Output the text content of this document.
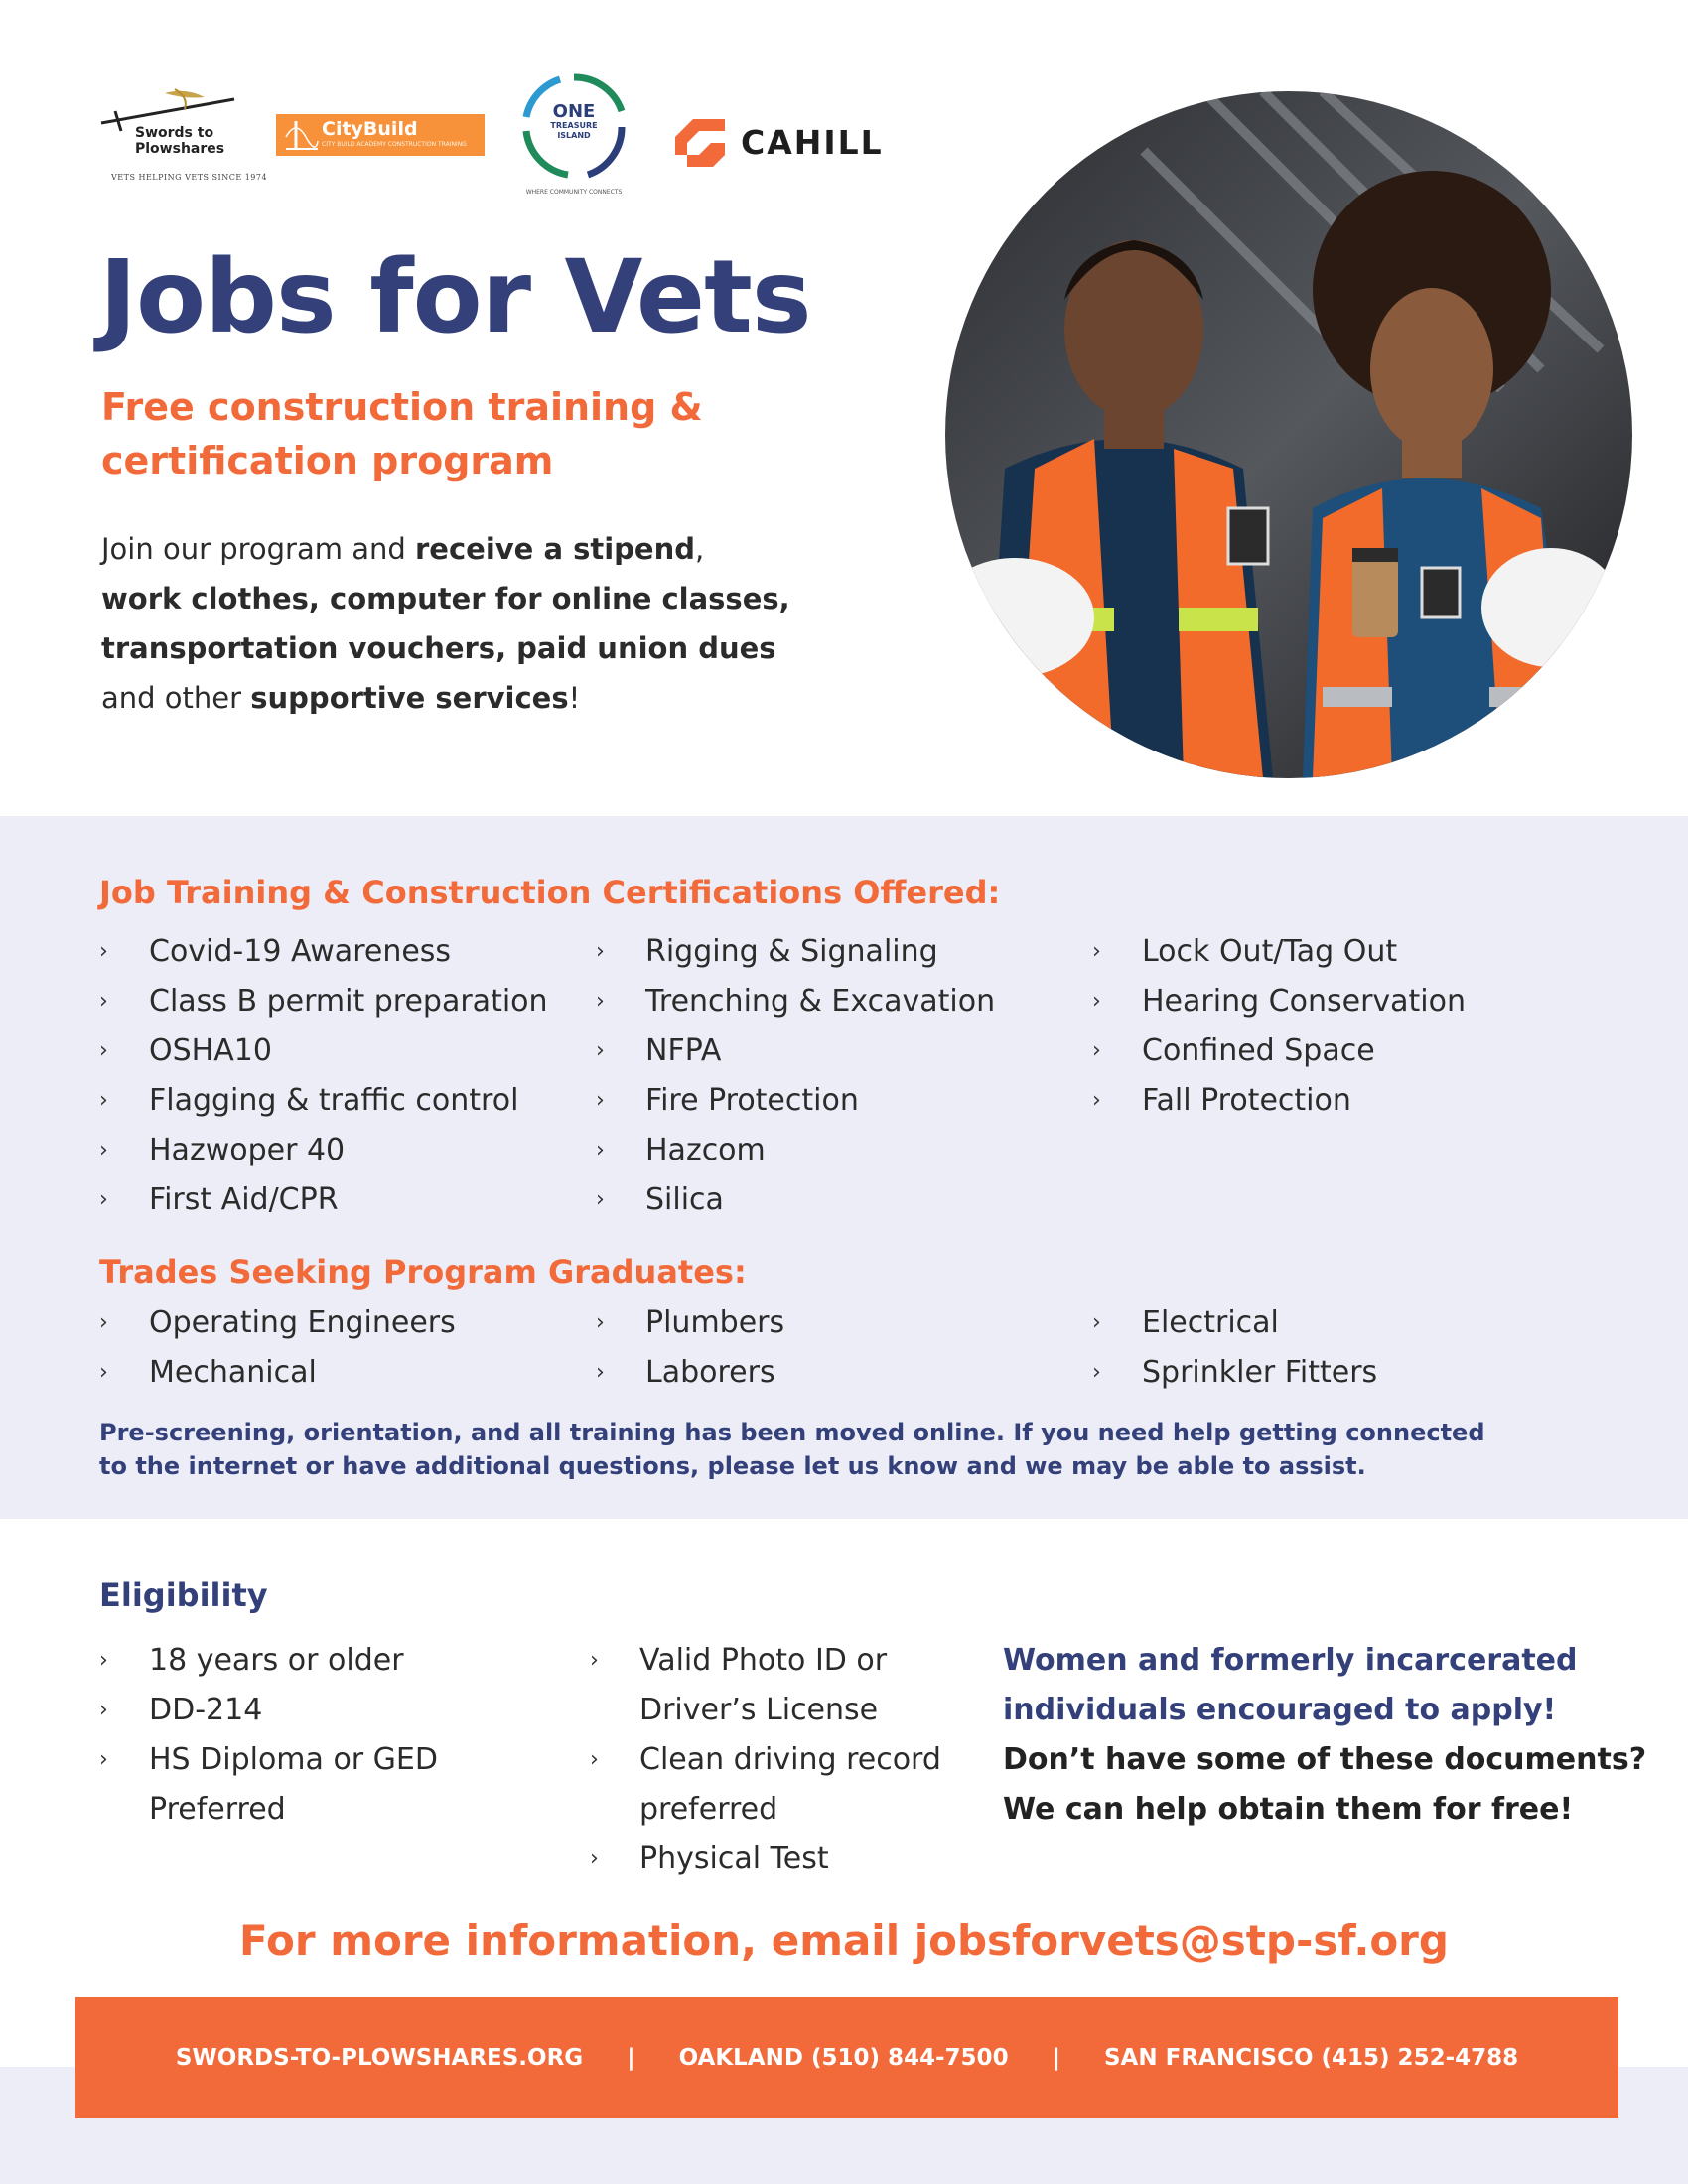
Swords to
Plowshares
VETS HELPING VETS SINCE 1974
CityBuild
CITY BUILD ACADEMY CONSTRUCTION TRAINING
ONE
TREASURE
ISLAND
WHERE COMMUNITY CONNECTS
CAHILL
Jobs for Vets
Free construction training &
certification program
Join our program and receive a stipend,
work clothes, computer for online classes,
transportation vouchers, paid union dues
and other supportive services!
Job Training & Construction Certifications Offered:
› Covid-19 Awareness
› Class B permit preparation
› OSHA10
› Flagging & traffic control
› Hazwoper 40
› First Aid/CPR
› Rigging & Signaling
› Trenching & Excavation
› NFPA
› Fire Protection
› Hazcom
› Silica
› Lock Out/Tag Out
› Hearing Conservation
› Confined Space
› Fall Protection
Trades Seeking Program Graduates:
› Operating Engineers
› Mechanical
› Plumbers
› Laborers
› Electrical
› Sprinkler Fitters
Pre-screening, orientation, and all training has been moved online. If you need help getting connected
to the internet or have additional questions, please let us know and we may be able to assist.
Eligibility
› 18 years or older
› DD-214
› HS Diploma or GED
Preferred
› Valid Photo ID or
Driver’s License
› Clean driving record
preferred
› Physical Test
Women and formerly incarcerated
individuals encouraged to apply!
Don’t have some of these documents?
We can help obtain them for free!
For more information, email jobsforvets@stp-sf.org
SWORDS-TO-PLOWSHARES.ORG | OAKLAND (510) 844-7500 | SAN FRANCISCO (415) 252-4788
